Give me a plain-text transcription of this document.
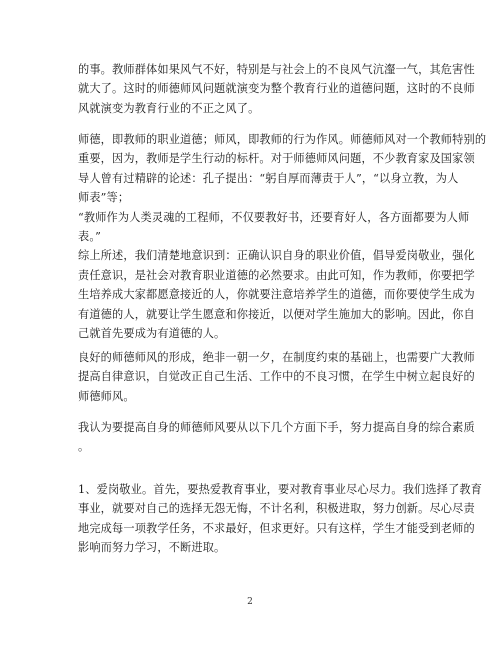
的事。教师群体如果风气不好，特别是与社会上的不良风气沆瀣一气，其危害性
就大了。这时的师德师风问题就演变为整个教育行业的道德问题，这时的不良师
风就演变为教育行业的不正之风了。
师德，即教师的职业道德；师风，即教师的行为作风。师德师风对一个教师特别的
重要，因为，教师是学生行动的标杆。对于师德师风问题，不少教育家及国家领
导人曾有过精辟的论述：孔子提出：“躬自厚而薄责于人”，“以身立教，为人
师表”等；
“教师作为人类灵魂的工程师，不仅要教好书，还要育好人，各方面都要为人师
表。”
综上所述，我们清楚地意识到：正确认识自身的职业价值，倡导爱岗敬业，强化
责任意识，是社会对教育职业道德的必然要求。由此可知，作为教师，你要把学
生培养成大家都愿意接近的人，你就要注意培养学生的道德，而你要使学生成为
有道德的人，就要让学生愿意和你接近，以便对学生施加大的影响。因此，你自
己就首先要成为有道德的人。
良好的师德师风的形成，绝非一朝一夕，在制度约束的基础上，也需要广大教师
提高自律意识，自觉改正自己生活、工作中的不良习惯，在学生中树立起良好的
师德师风。
我认为要提高自身的师德师风要从以下几个方面下手，努力提高自身的综合素质
。
1、爱岗敬业。首先，要热爱教育事业，要对教育事业尽心尽力。我们选择了教育
事业，就要对自己的选择无怨无悔，不计名利，积极进取，努力创新。尽心尽责
地完成每一项教学任务，不求最好，但求更好。只有这样，学生才能受到老师的
影响而努力学习，不断进取。
2
